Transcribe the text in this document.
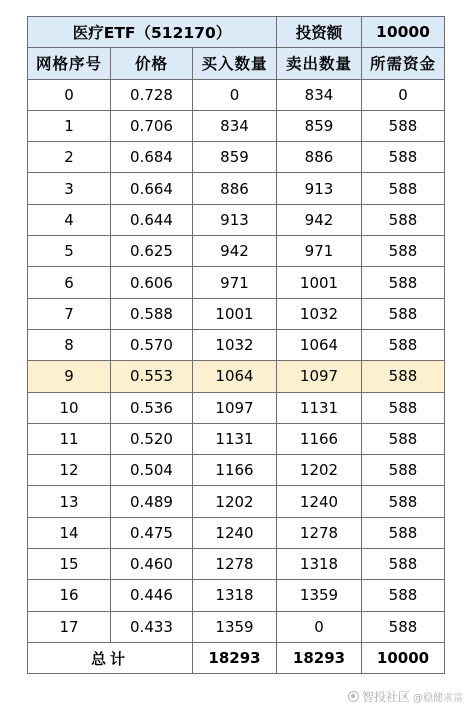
医疗ETF（512170）			投资额	10000
网格序号	价格	买入数量	卖出数量	所需资金
0	0.728	0	834	0
1	0.706	834	859	588
2	0.684	859	886	588
3	0.664	886	913	588
4	0.644	913	942	588
5	0.625	942	971	588
6	0.606	971	1001	588
7	0.588	1001	1032	588
8	0.570	1032	1064	588
9	0.553	1064	1097	588
10	0.536	1097	1131	588
11	0.520	1131	1166	588
12	0.504	1166	1202	588
13	0.489	1202	1240	588
14	0.475	1240	1278	588
15	0.460	1278	1318	588
16	0.446	1318	1359	588
17	0.433	1359	0	588
总计		18293	18293	10000
智投社区 @稳健求富
